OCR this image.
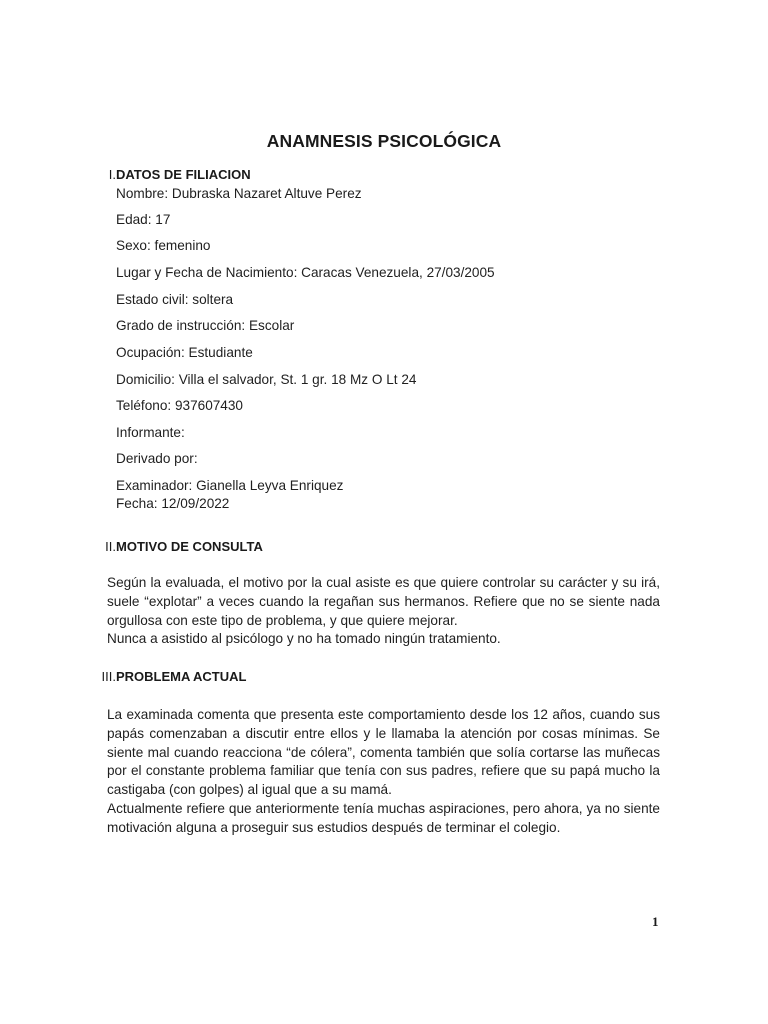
ANAMNESIS PSICOLÓGICA
I. DATOS DE FILIACION
Nombre: Dubraska Nazaret Altuve Perez
Edad: 17
Sexo: femenino
Lugar y Fecha de Nacimiento: Caracas Venezuela, 27/03/2005
Estado civil: soltera
Grado de instrucción: Escolar
Ocupación: Estudiante
Domicilio: Villa el salvador, St. 1 gr. 18 Mz O Lt 24
Teléfono: 937607430
Informante:
Derivado por:
Examinador: Gianella Leyva Enriquez
Fecha: 12/09/2022
II. MOTIVO DE CONSULTA

Según la evaluada, el motivo por la cual asiste es que quiere controlar su carácter y su irá, suele “explotar” a veces cuando la regañan sus hermanos. Refiere que no se siente nada orgullosa con este tipo de problema, y que quiere mejorar.

Nunca a asistido al psicólogo y no ha tomado ningún tratamiento.

III. PROBLEMA ACTUAL

La examinada comenta que presenta este comportamiento desde los 12 años, cuando sus papás comenzaban a discutir entre ellos y le llamaba la atención por cosas mínimas. Se siente mal cuando reacciona “de cólera”, comenta también que solía cortarse las muñecas por el constante problema familiar que tenía con sus padres, refiere que su papá mucho la castigaba (con golpes) al igual que a su mamá.

Actualmente refiere que anteriormente tenía muchas aspiraciones, pero ahora, ya no siente motivación alguna a proseguir sus estudios después de terminar el colegio.

1
